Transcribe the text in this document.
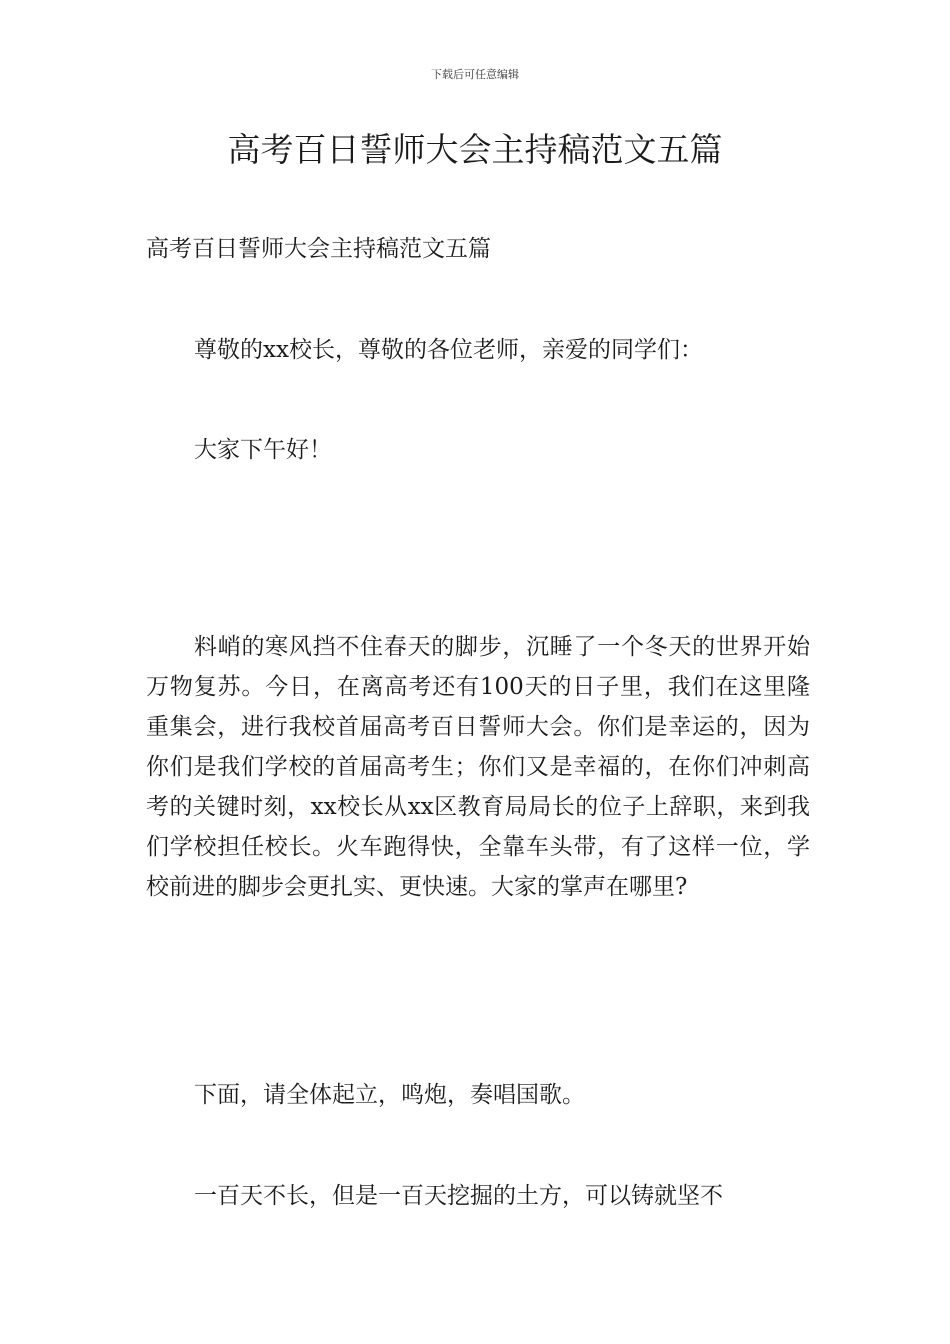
下载后可任意编辑
高考百日誓师大会主持稿范文五篇

高考百日誓师大会主持稿范文五篇

尊敬的xx校长，尊敬的各位老师，亲爱的同学们：

大家下午好！

料峭的寒风挡不住春天的脚步，沉睡了一个冬天的世界开始万物复苏。今日，在离高考还有100天的日子里，我们在这里隆重集会，进行我校首届高考百日誓师大会。你们是幸运的，因为你们是我们学校的首届高考生；你们又是幸福的，在你们冲刺高考的关键时刻，xx校长从xx区教育局局长的位子上辞职，来到我们学校担任校长。火车跑得快，全靠车头带，有了这样一位，学校前进的脚步会更扎实、更快速。大家的掌声在哪里?

下面，请全体起立，鸣炮，奏唱国歌。

一百天不长，但是一百天挖掘的土方，可以铸就坚不
